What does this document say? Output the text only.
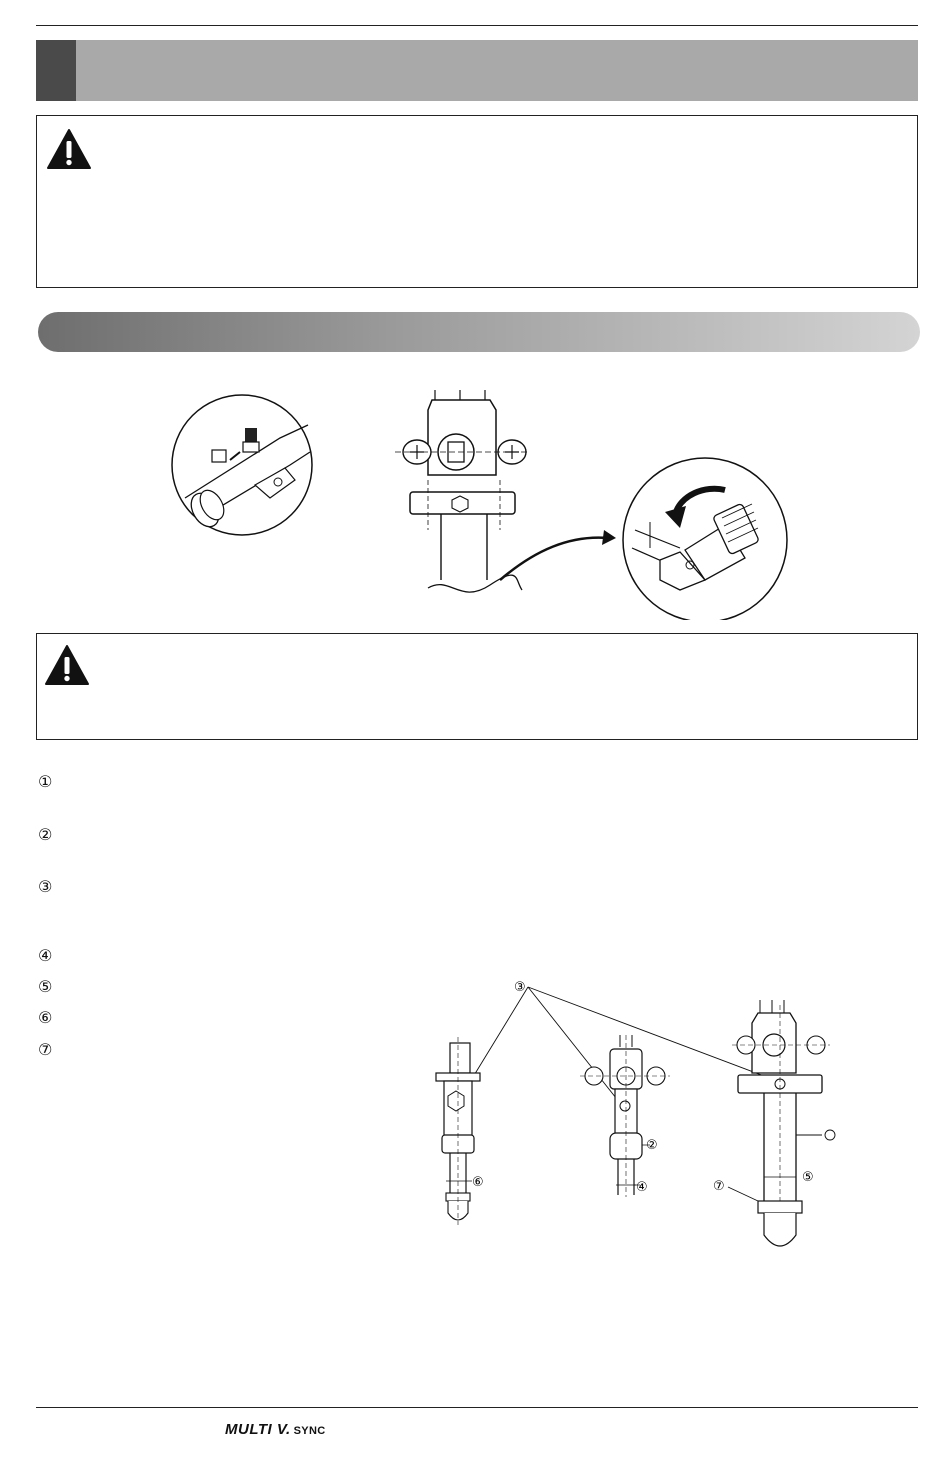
①
②
③
④
⑤
⑥
⑦
③
②
④
⑤
⑥	⑦
MULTI V. SYNC
